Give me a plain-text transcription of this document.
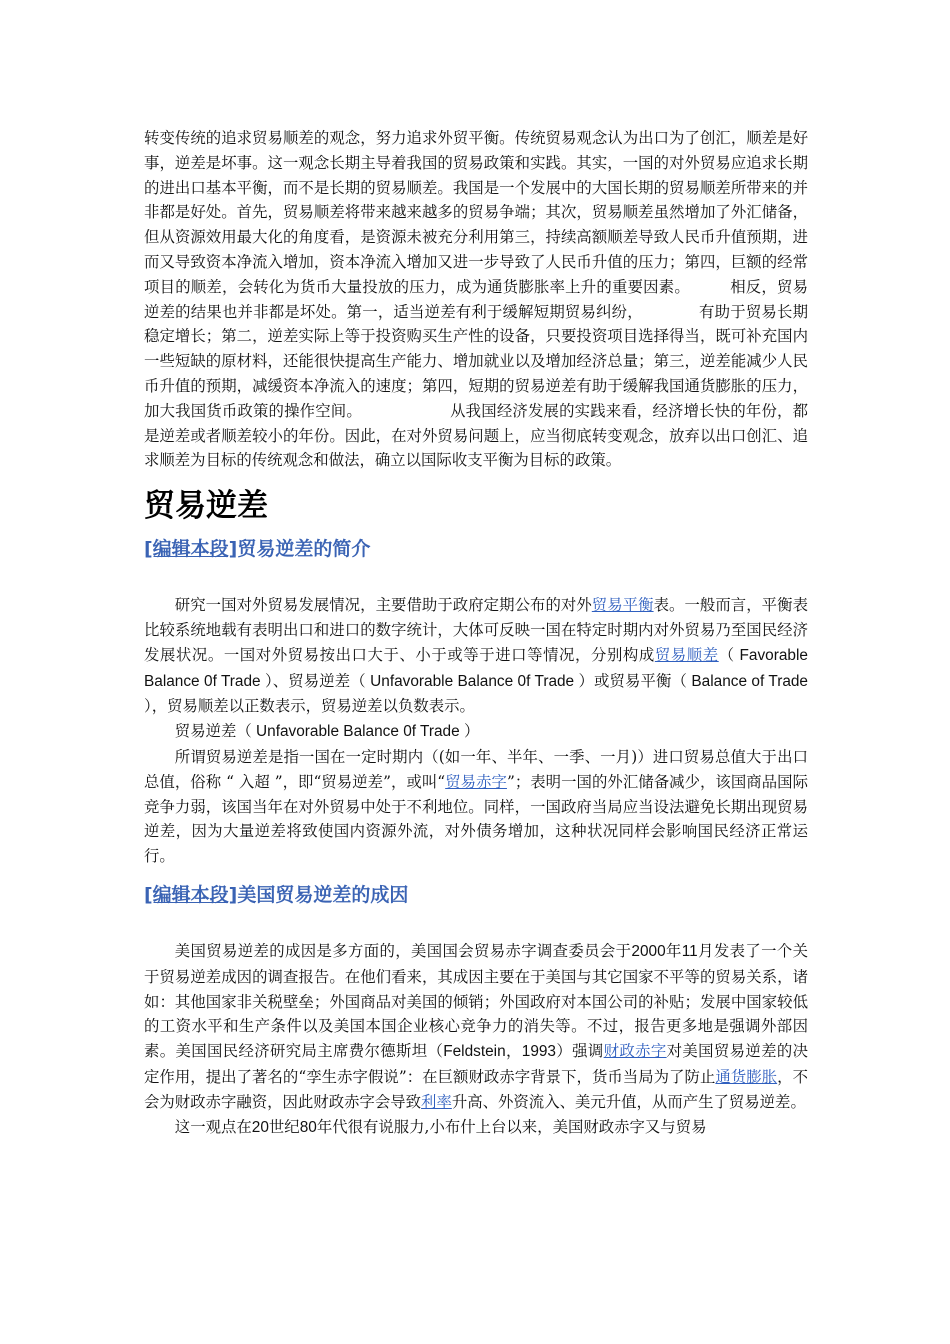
转变传统的追求贸易顺差的观念，努力追求外贸平衡。传统贸易观念认为出口为了创汇，顺差是好事，逆差是坏事。这一观念长期主导着我国的贸易政策和实践。其实，一国的对外贸易应追求长期的进出口基本平衡，而不是长期的贸易顺差。我国是一个发展中的大国长期的贸易顺差所带来的并非都是好处。首先，贸易顺差将带来越来越多的贸易争端；其次，贸易顺差虽然增加了外汇储备，但从资源效用最大化的角度看，是资源未被充分利用第三，持续高额顺差导致人民币升值预期，进而又导致资本净流入增加，资本净流入增加又进一步导致了人民币升值的压力；第四，巨额的经常项目的顺差，会转化为货币大量投放的压力，成为通货膨胀率上升的重要因素。	相反，贸易逆差的结果也并非都是坏处。第一，适当逆差有利于缓解短期贸易纠纷，	有助于贸易长期稳定增长；第二，逆差实际上等于投资购买生产性的设备，只要投资项目选择得当，既可补充国内一些短缺的原材料，还能很快提高生产能力、增加就业以及增加经济总量；第三，逆差能减少人民币升值的预期，减缓资本净流入的速度；第四，短期的贸易逆差有助于缓解我国通货膨胀的压力，加大我国货币政策的操作空间。	从我国经济发展的实践来看，经济增长快的年份，都是逆差或者顺差较小的年份。因此，在对外贸易问题上，应当彻底转变观念，放弃以出口创汇、追求顺差为目标的传统观念和做法，确立以国际收支平衡为目标的政策。

贸易逆差
[编辑本段]贸易逆差的简介

研究一国对外贸易发展情况，主要借助于政府定期公布的对外贸易平衡表。一般而言，平衡表比较系统地载有表明出口和进口的数字统计，大体可反映一国在特定时期内对外贸易乃至国民经济发展状况。一国对外贸易按出口大于、小于或等于进口等情况，分别构成贸易顺差（ Favorable Balance 0f Trade ）、贸易逆差（ Unfavorable Balance 0f Trade ）或贸易平衡（ Balance of Trade ），贸易顺差以正数表示，贸易逆差以负数表示。

贸易逆差（ Unfavorable Balance 0f Trade ）

所谓贸易逆差是指一国在一定时期内（(如一年、半年、一季、一月)）进口贸易总值大于出口总值，俗称 “ 入超 ”，即“贸易逆差”，或叫“贸易赤字”；表明一国的外汇储备减少，该国商品国际竞争力弱，该国当年在对外贸易中处于不利地位。同样，一国政府当局应当设法避免长期出现贸易逆差，因为大量逆差将致使国内资源外流，对外债务增加，这种状况同样会影响国民经济正常运行。

[编辑本段]美国贸易逆差的成因

美国贸易逆差的成因是多方面的，美国国会贸易赤字调查委员会于2000年11月发表了一个关于贸易逆差成因的调查报告。在他们看来，其成因主要在于美国与其它国家不平等的贸易关系，诸如：其他国家非关税壁垒；外国商品对美国的倾销；外国政府对本国公司的补贴；发展中国家较低的工资水平和生产条件以及美国本国企业核心竞争力的消失等。不过，报告更多地是强调外部因素。美国国民经济研究局主席费尔德斯坦（Feldstein，1993）强调财政赤字对美国贸易逆差的决定作用，提出了著名的“孪生赤字假说”：在巨额财政赤字背景下，货币当局为了防止通货膨胀，不会为财政赤字融资，因此财政赤字会导致利率升高、外资流入、美元升值，从而产生了贸易逆差。

这一观点在20世纪80年代很有说服力,小布什上台以来，美国财政赤字又与贸易
